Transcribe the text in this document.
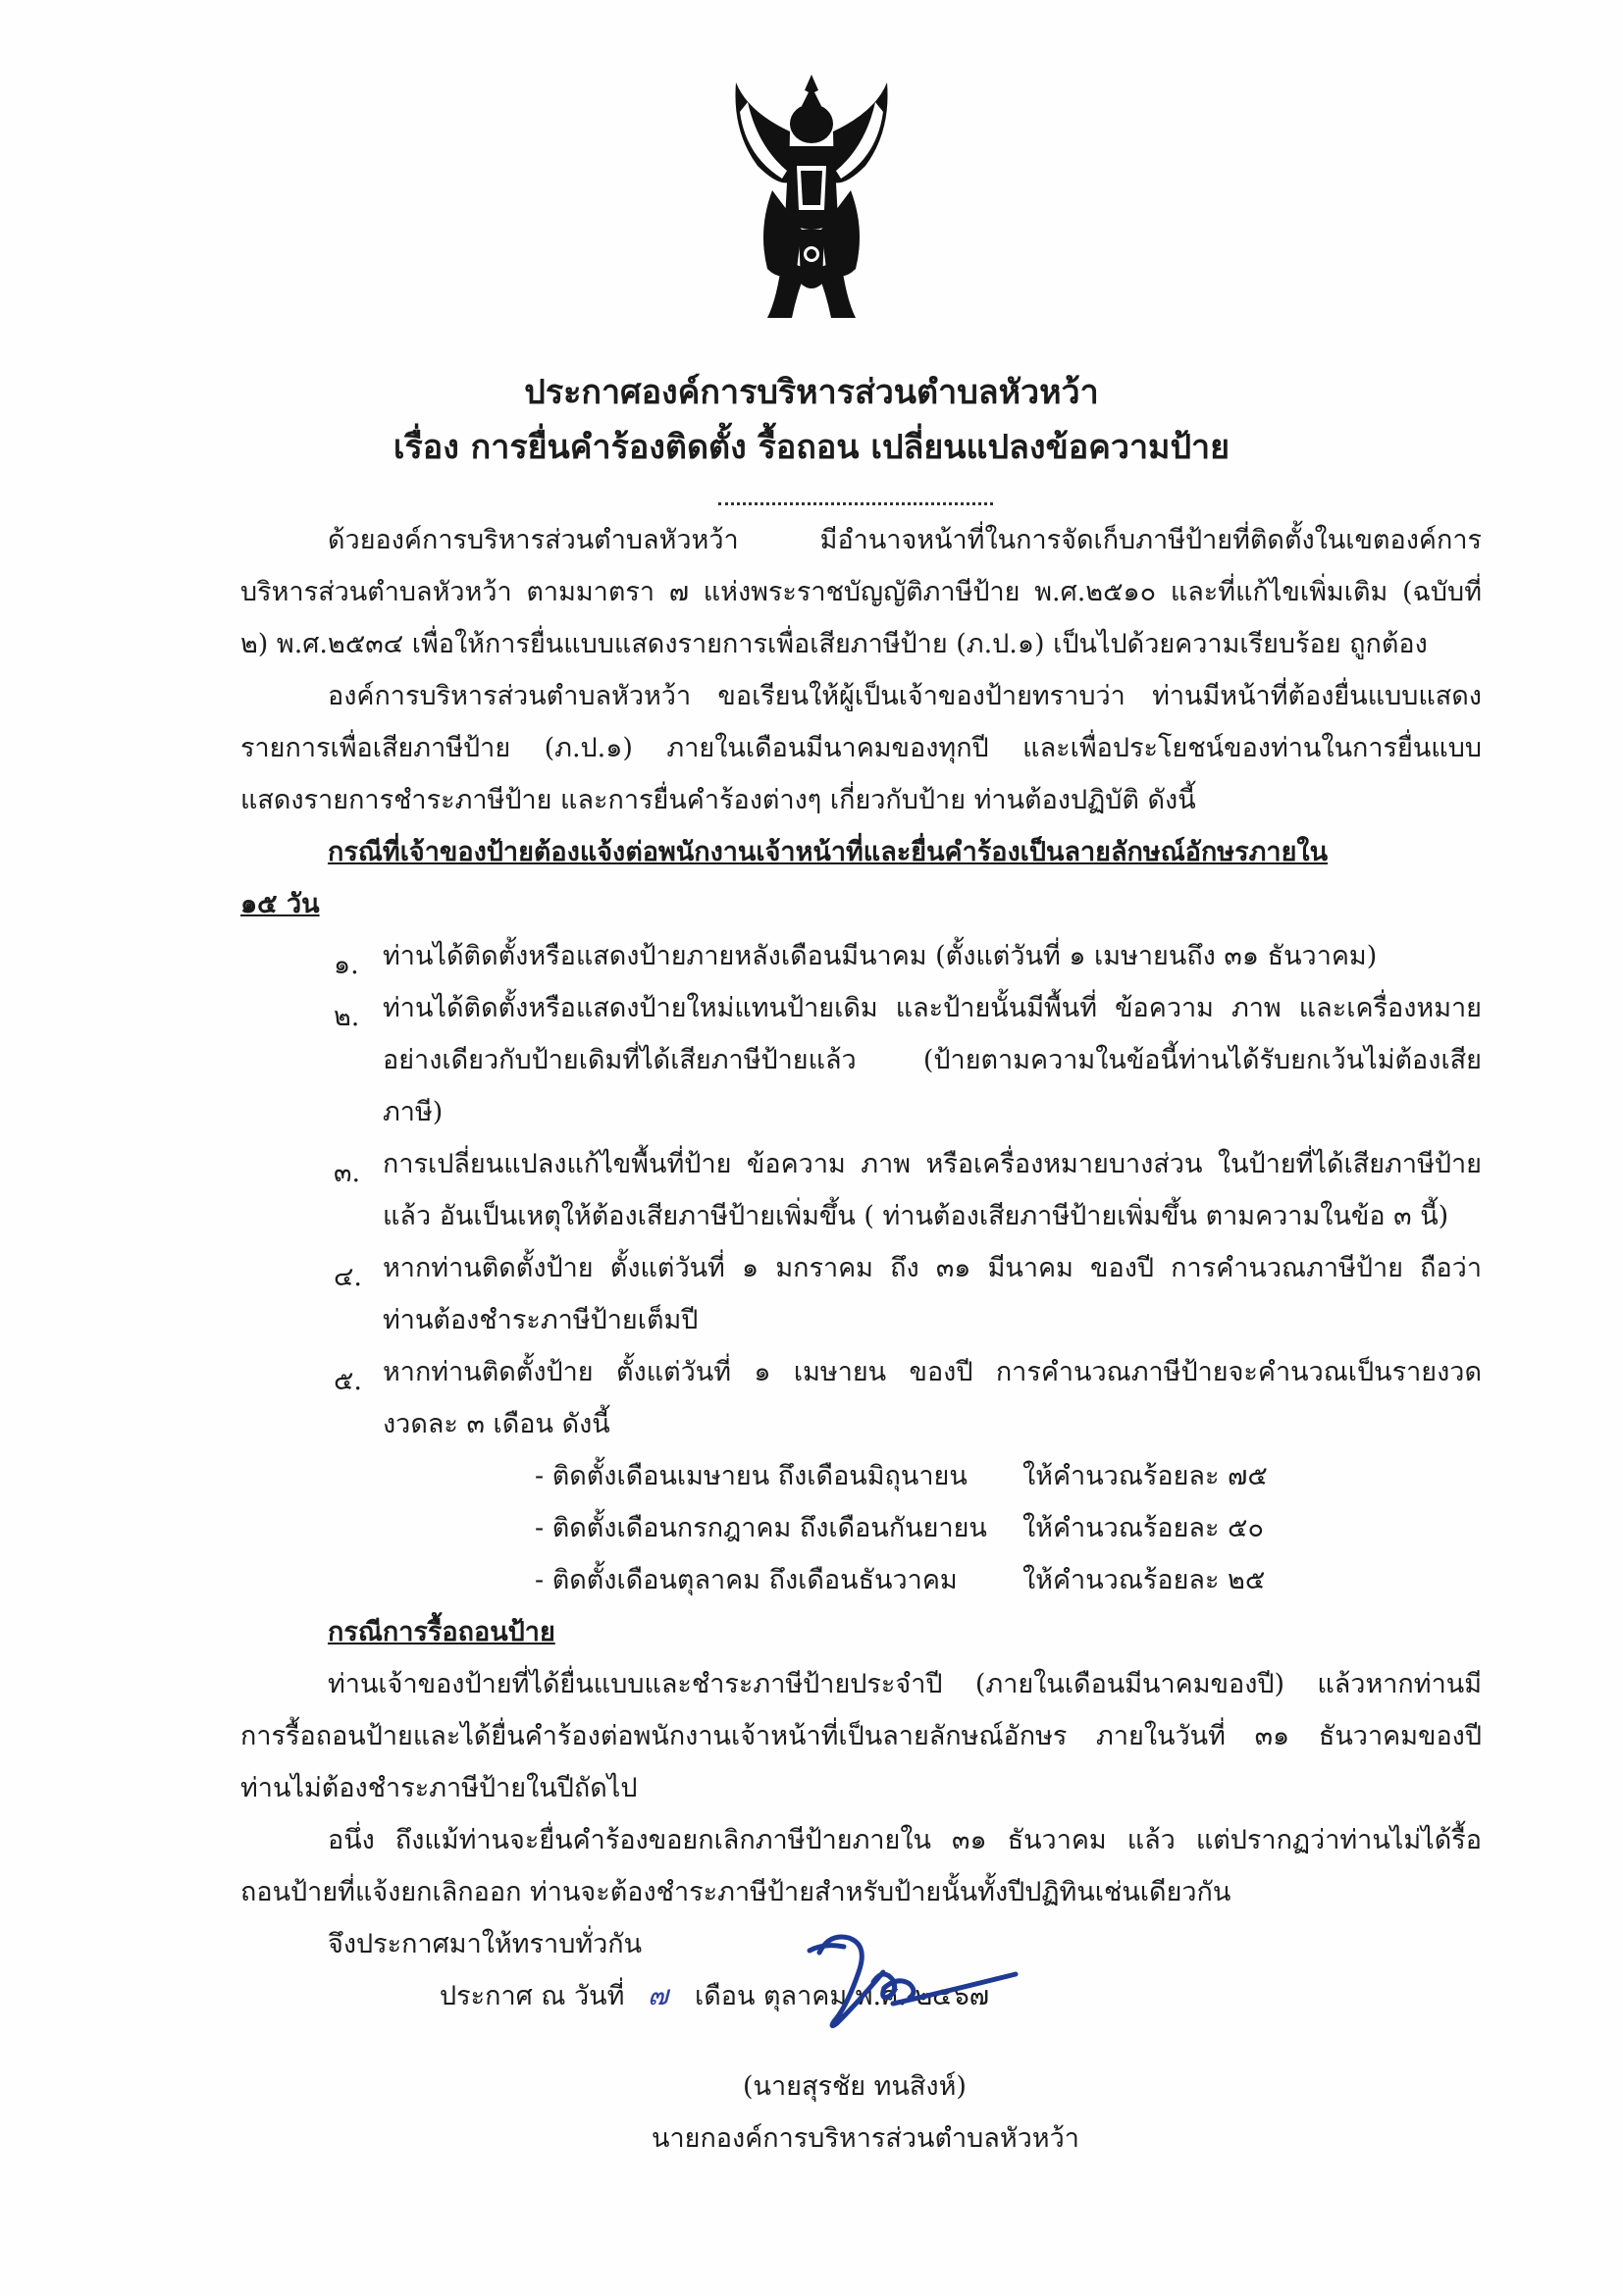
ประกาศองค์การบริหารส่วนตำบลหัวหว้า
เรื่อง การยื่นคำร้องติดตั้ง รื้อถอน เปลี่ยนแปลงข้อความป้าย
ด้วยองค์การบริหารส่วนตำบลหัวหว้า มีอำนาจหน้าที่ในการจัดเก็บภาษีป้ายที่ติดตั้งในเขตองค์การ
บริหารส่วนตำบลหัวหว้า ตามมาตรา ๗ แห่งพระราชบัญญัติภาษีป้าย พ.ศ.๒๕๑๐ และที่แก้ไขเพิ่มเติม (ฉบับที่
๒) พ.ศ.๒๕๓๔ เพื่อให้การยื่นแบบแสดงรายการเพื่อเสียภาษีป้าย (ภ.ป.๑) เป็นไปด้วยความเรียบร้อย ถูกต้อง
องค์การบริหารส่วนตำบลหัวหว้า ขอเรียนให้ผู้เป็นเจ้าของป้ายทราบว่า ท่านมีหน้าที่ต้องยื่นแบบแสดง
รายการเพื่อเสียภาษีป้าย (ภ.ป.๑) ภายในเดือนมีนาคมของทุกปี และเพื่อประโยชน์ของท่านในการยื่นแบบ
แสดงรายการชำระภาษีป้าย และการยื่นคำร้องต่างๆ เกี่ยวกับป้าย ท่านต้องปฏิบัติ ดังนี้
กรณีที่เจ้าของป้ายต้องแจ้งต่อพนักงานเจ้าหน้าที่และยื่นคำร้องเป็นลายลักษณ์อักษรภายใน
๑๕ วัน
๑. ท่านได้ติดตั้งหรือแสดงป้ายภายหลังเดือนมีนาคม (ตั้งแต่วันที่ ๑ เมษายนถึง ๓๑ ธันวาคม)
๒. ท่านได้ติดตั้งหรือแสดงป้ายใหม่แทนป้ายเดิม และป้ายนั้นมีพื้นที่ ข้อความ ภาพ และเครื่องหมาย
อย่างเดียวกับป้ายเดิมที่ได้เสียภาษีป้ายแล้ว (ป้ายตามความในข้อนี้ท่านได้รับยกเว้นไม่ต้องเสีย
ภาษี)
๓. การเปลี่ยนแปลงแก้ไขพื้นที่ป้าย ข้อความ ภาพ หรือเครื่องหมายบางส่วน ในป้ายที่ได้เสียภาษีป้าย
แล้ว อันเป็นเหตุให้ต้องเสียภาษีป้ายเพิ่มขึ้น ( ท่านต้องเสียภาษีป้ายเพิ่มขึ้น ตามความในข้อ ๓ นี้)
๔. หากท่านติดตั้งป้าย ตั้งแต่วันที่ ๑ มกราคม ถึง ๓๑ มีนาคม ของปี การคำนวณภาษีป้าย ถือว่า
ท่านต้องชำระภาษีป้ายเต็มปี
๕. หากท่านติดตั้งป้าย ตั้งแต่วันที่ ๑ เมษายน ของปี การคำนวณภาษีป้ายจะคำนวณเป็นรายงวด
งวดละ ๓ เดือน ดังนี้
- ติดตั้งเดือนเมษายน ถึงเดือนมิถุนายน ให้คำนวณร้อยละ ๗๕
- ติดตั้งเดือนกรกฎาคม ถึงเดือนกันยายน ให้คำนวณร้อยละ ๕๐
- ติดตั้งเดือนตุลาคม ถึงเดือนธันวาคม ให้คำนวณร้อยละ ๒๕
กรณีการรื้อถอนป้าย
ท่านเจ้าของป้ายที่ได้ยื่นแบบและชำระภาษีป้ายประจำปี (ภายในเดือนมีนาคมของปี) แล้วหากท่านมี
การรื้อถอนป้ายและได้ยื่นคำร้องต่อพนักงานเจ้าหน้าที่เป็นลายลักษณ์อักษร ภายในวันที่ ๓๑ ธันวาคมของปี
ท่านไม่ต้องชำระภาษีป้ายในปีถัดไป
อนึ่ง ถึงแม้ท่านจะยื่นคำร้องขอยกเลิกภาษีป้ายภายใน ๓๑ ธันวาคม แล้ว แต่ปรากฏว่าท่านไม่ได้รื้อ
ถอนป้ายที่แจ้งยกเลิกออก ท่านจะต้องชำระภาษีป้ายสำหรับป้ายนั้นทั้งปีปฏิทินเช่นเดียวกัน
จึงประกาศมาให้ทราบทั่วกัน
ประกาศ ณ วันที่ ๗ เดือน ตุลาคม พ.ศ. ๒๕๖๗
(นายสุรชัย ทนสิงห์)
นายกองค์การบริหารส่วนตำบลหัวหว้า
